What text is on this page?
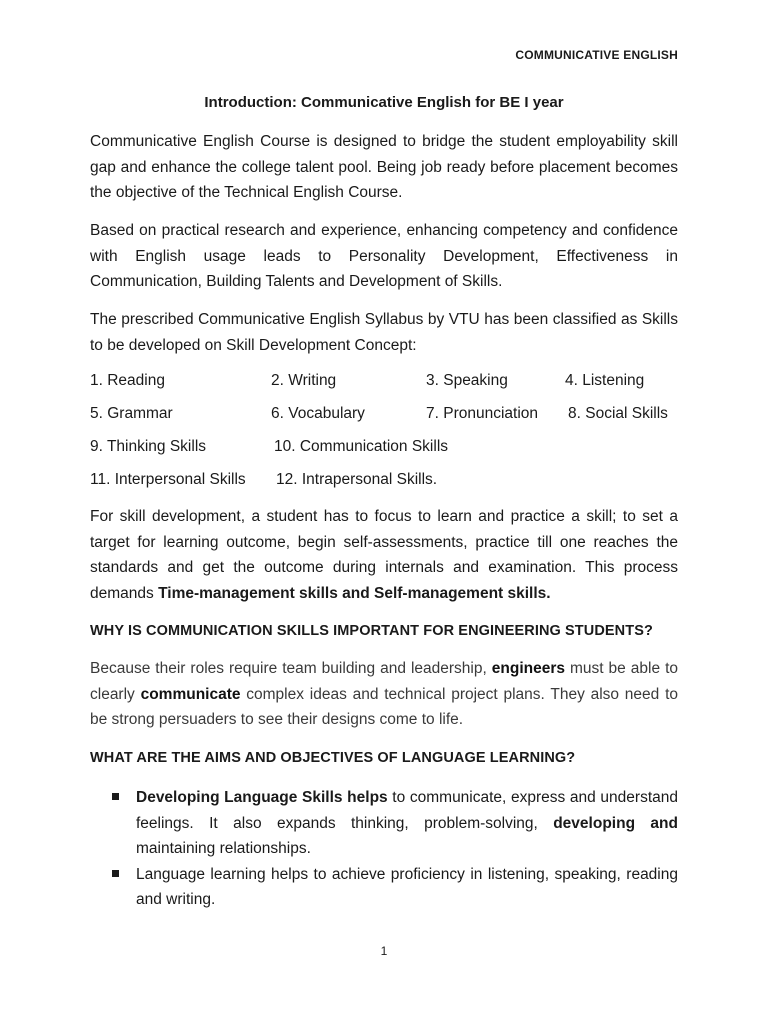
COMMUNICATIVE ENGLISH
Introduction: Communicative English for BE I year

Communicative English Course is designed to bridge the student employability skill gap and enhance the college talent pool. Being job ready before placement becomes the objective of the Technical English Course.

Based on practical research and experience, enhancing competency and confidence with English usage leads to Personality Development, Effectiveness in Communication, Building Talents and Development of Skills.

The prescribed Communicative English Syllabus by VTU has been classified as Skills to be developed on Skill Development Concept:

1. Reading	2. Writing	3. Speaking	4. Listening
5. Grammar	6. Vocabulary	7. Pronunciation 8. Social Skills
9. Thinking Skills	10. Communication Skills
11. Interpersonal Skills 12. Intrapersonal Skills.

For skill development, a student has to focus to learn and practice a skill; to set a target for learning outcome, begin self-assessments, practice till one reaches the standards and get the outcome during internals and examination. This process demands Time-management skills and Self-management skills.

WHY IS COMMUNICATION SKILLS IMPORTANT FOR ENGINEERING STUDENTS?

Because their roles require team building and leadership, engineers must be able to clearly communicate complex ideas and technical project plans. They also need to be strong persuaders to see their designs come to life.

WHAT ARE THE AIMS AND OBJECTIVES OF LANGUAGE LEARNING?
Developing Language Skills helps to communicate, express and understand feelings. It also expands thinking, problem-solving, developing and maintaining relationships.
Language learning helps to achieve proficiency in listening, speaking, reading and writing.
1
